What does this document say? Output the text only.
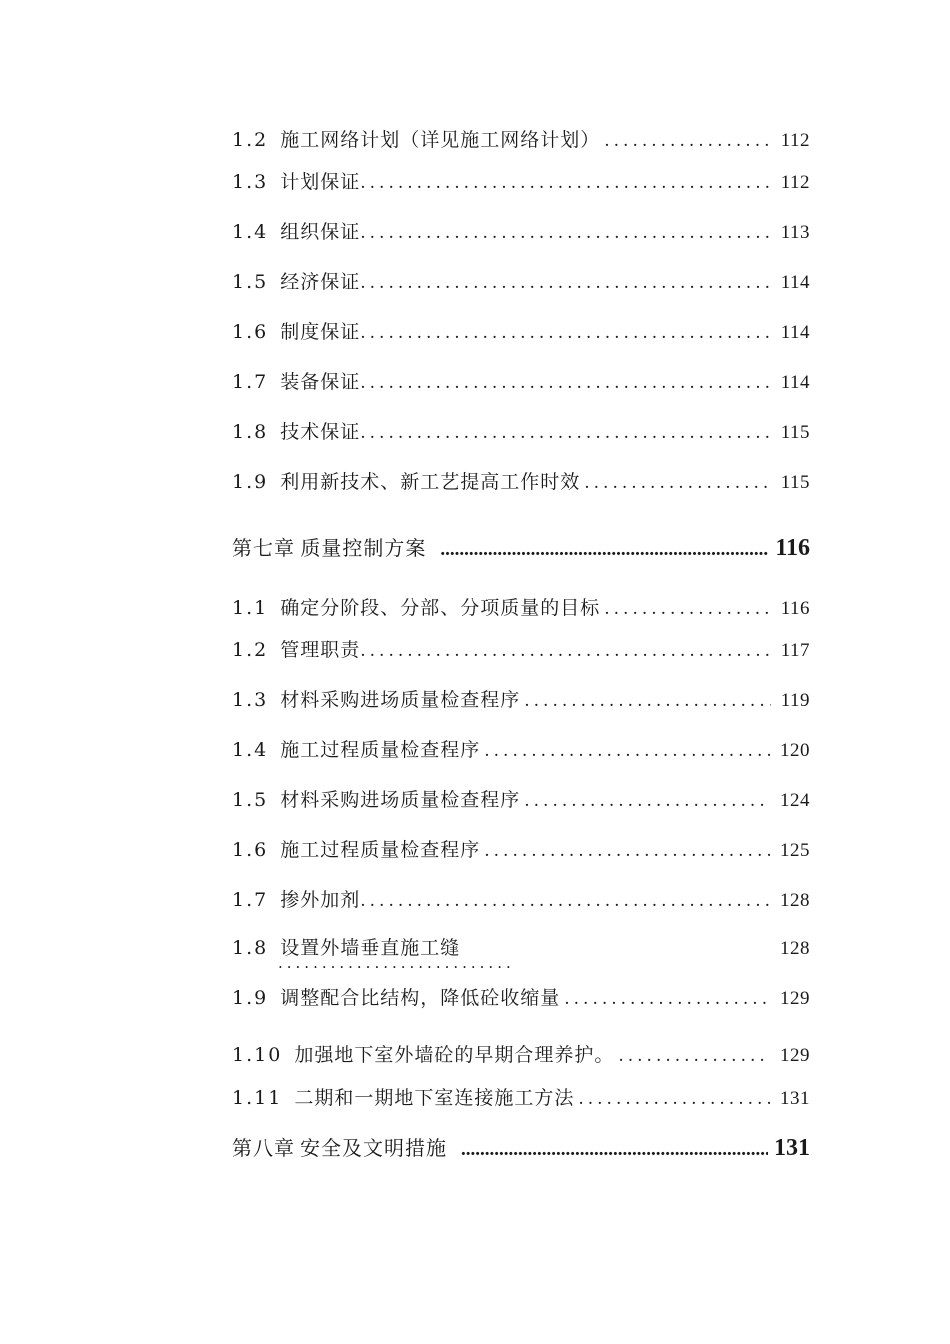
1.2 施工网络计划（详见施工网络计划） .....	112
1.3 计划保证 .....	112
1.4 组织保证 .....	113
1.5 经济保证 .....	114
1.6 制度保证 .....	114
1.7 装备保证 .....	114
1.8 技术保证 .....	115
1.9 利用新技术、新工艺提高工作时效 .....	115
第七章 质量控制方案 .....	116
1.1 确定分阶段、分部、分项质量的目标 .....	116
1.2 管理职责 .....	117
1.3 材料采购进场质量检查程序 .....	119
1.4 施工过程质量检查程序 .....	120
1.5 材料采购进场质量检查程序 .....	124
1.6 施工过程质量检查程序 .....	125
1.7 掺外加剂 .....	128
1.8 设置外墙垂直施工缝	128
...........................
1.9 调整配合比结构，降低砼收缩量 .....	129
1.10 加强地下室外墙砼的早期合理养护。 .....	129
1.11 二期和一期地下室连接施工方法 .....	131
第八章 安全及文明措施 .....	131
